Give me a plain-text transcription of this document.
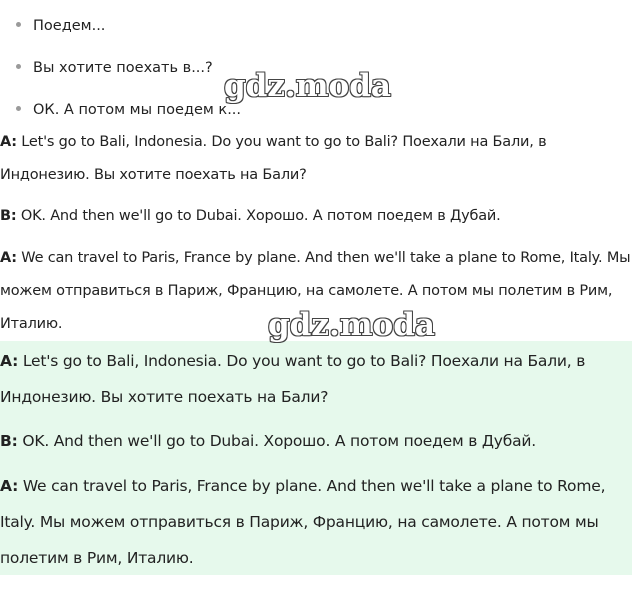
Поедем...
Вы хотите поехать в...?
ОК. А потом мы поедем к...
gdz.moda

A: Let's go to Bali, Indonesia. Do you want to go to Bali? Поехали на Бали, в Индонезию. Вы хотите поехать на Бали?

B: OK. And then we'll go to Dubai. Хорошо. А потом поедем в Дубай.

A: We can travel to Paris, France by plane. And then we'll take a plane to Rome, Italy. Мы можем отправиться в Париж, Францию, на самолете. А потом мы полетим в Рим, Италию.

A: Let's go to Bali, Indonesia. Do you want to go to Bali? Поехали на Бали, в Индонезию. Вы хотите поехать на Бали?

B: OK. And then we'll go to Dubai. Хорошо. А потом поедем в Дубай.

A: We can travel to Paris, France by plane. And then we'll take a plane to Rome, Italy. Мы можем отправиться в Париж, Францию, на самолете. А потом мы полетим в Рим, Италию.

gdz.moda
